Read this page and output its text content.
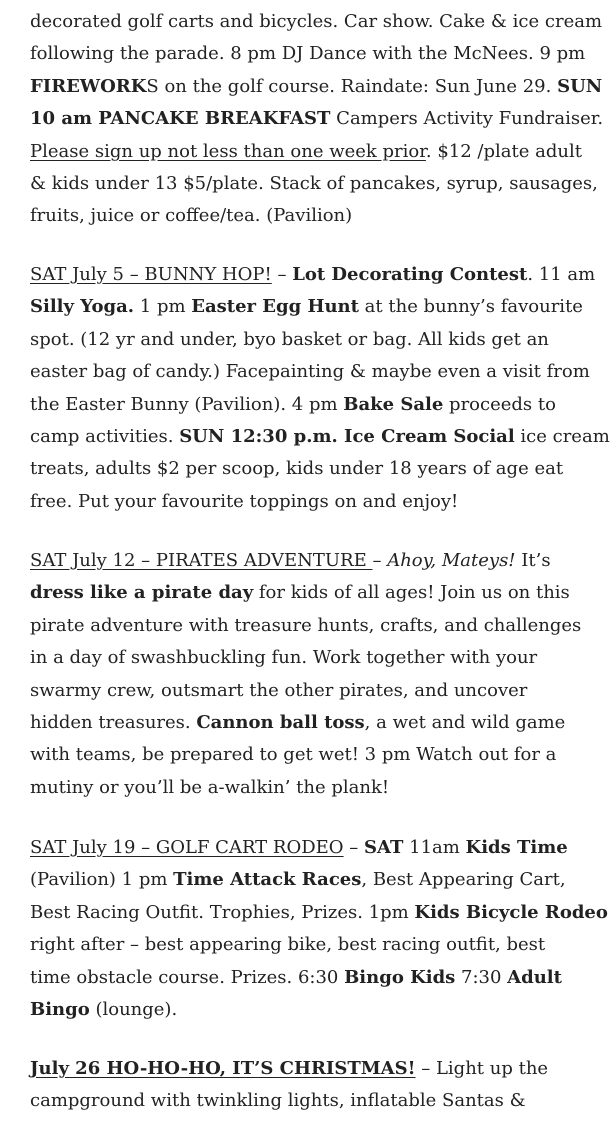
decorated golf carts and bicycles. Car show. Cake & ice cream
following the parade. 8 pm DJ Dance with the McNees. 9 pm
FIREWORKS on the golf course. Raindate: Sun June 29. SUN
10 am PANCAKE BREAKFAST Campers Activity Fundraiser.
Please sign up not less than one week prior. $12 /plate adult
& kids under 13 $5/plate. Stack of pancakes, syrup, sausages,
fruits, juice or coffee/tea. (Pavilion)
SAT July 5 – BUNNY HOP! – Lot Decorating Contest. 11 am
Silly Yoga. 1 pm Easter Egg Hunt at the bunny’s favourite
spot. (12 yr and under, byo basket or bag. All kids get an
easter bag of candy.) Facepainting & maybe even a visit from
the Easter Bunny (Pavilion). 4 pm Bake Sale proceeds to
camp activities. SUN 12:30 p.m. Ice Cream Social ice cream
treats, adults $2 per scoop, kids under 18 years of age eat
free. Put your favourite toppings on and enjoy!
SAT July 12 – PIRATES ADVENTURE – Ahoy, Mateys! It’s
dress like a pirate day for kids of all ages! Join us on this
pirate adventure with treasure hunts, crafts, and challenges
in a day of swashbuckling fun. Work together with your
swarmy crew, outsmart the other pirates, and uncover
hidden treasures. Cannon ball toss, a wet and wild game
with teams, be prepared to get wet! 3 pm Watch out for a
mutiny or you’ll be a-walkin’ the plank!
SAT July 19 – GOLF CART RODEO – SAT 11am Kids Time
(Pavilion) 1 pm Time Attack Races, Best Appearing Cart,
Best Racing Outfit. Trophies, Prizes. 1pm Kids Bicycle Rodeo
right after – best appearing bike, best racing outfit, best
time obstacle course. Prizes. 6:30 Bingo Kids 7:30 Adult
Bingo (lounge).
July 26 HO-HO-HO, IT’S CHRISTMAS! – Light up the
campground with twinkling lights, inflatable Santas &
